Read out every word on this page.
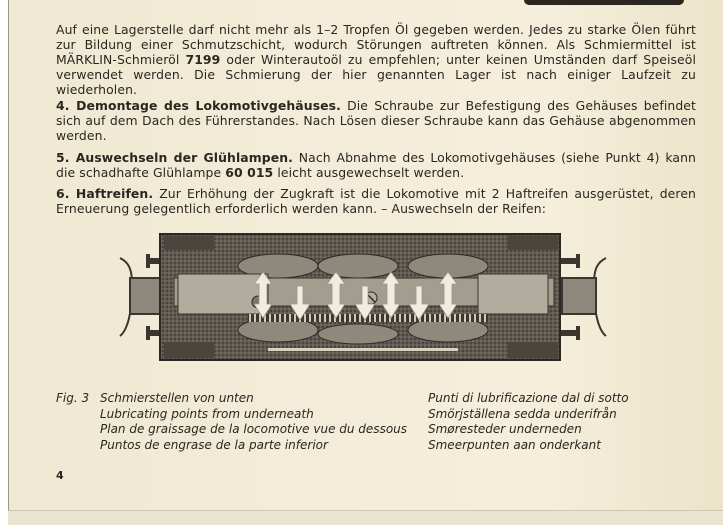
Auf eine Lagerstelle darf nicht mehr als 1–2 Tropfen Öl gegeben werden. Jedes zu starke Ölen führt zur Bildung einer Schmutzschicht, wodurch Störungen auftreten können. Als Schmiermittel ist MÄRKLIN-Schmieröl 7199 oder Winterautoöl zu empfehlen; unter keinen Umständen darf Speiseöl verwendet werden. Die Schmierung der hier genannten Lager ist nach einiger Laufzeit zu wiederholen.
4. Demontage des Lokomotivgehäuses. Die Schraube zur Befestigung des Gehäuses befindet sich auf dem Dach des Führerstandes. Nach Lösen dieser Schraube kann das Gehäuse abgenommen werden.
5. Auswechseln der Glühlampen. Nach Abnahme des Lokomotivgehäuses (siehe Punkt 4) kann die schadhafte Glühlampe 60 015 leicht ausgewechselt werden.
6. Haftreifen. Zur Erhöhung der Zugkraft ist die Lokomotive mit 2 Haftreifen ausgerüstet, deren Erneuerung gelegentlich erforderlich werden kann. – Auswechseln der Reifen:
Fig. 3 Schmierstellen von unten
Lubricating points from underneath
Plan de graissage de la locomotive vue du dessous
Puntos de engrase de la parte inferior
Punti di lubrificazione dal di sotto
Smörjställena sedda underifrån
Smøresteder underneden
Smeerpunten aan onderkant
4
